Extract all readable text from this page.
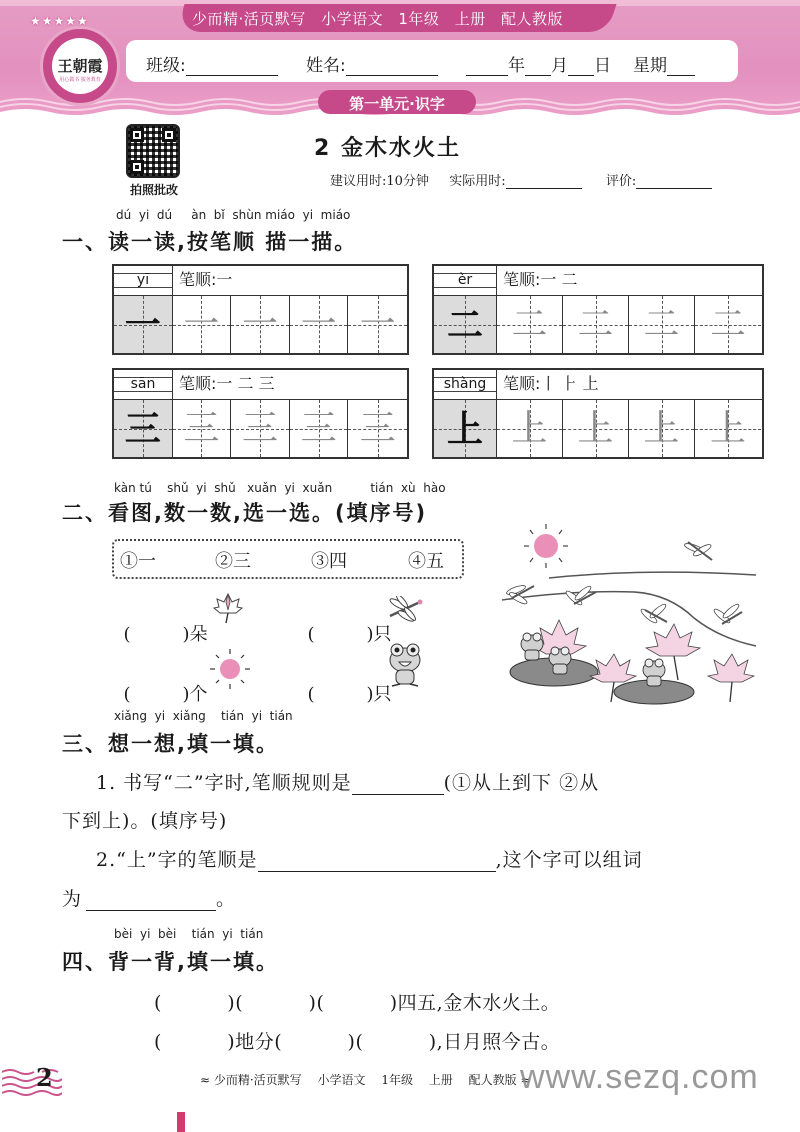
少而精·活页默写 小学语文 1年级 上册 配人教版
班级:	姓名:	年 月 日 星期
第一单元·识字
王朝霞
用心做书 服务教育
★★★★★
拍照批改
2 金木水火土
建议用时:10分钟 实际用时:	评价:
dú  yi  dú     àn  bǐ  shùn miáo  yi  miáo
一、读一读,按笔顺 描一描。
yī	笔顺:一
一 一 一 一 一
èr	笔顺:一 二
二 二 二 二 二
sān	笔顺:一 二 三
三 三 三 三 三
shàng	笔顺:丨 ⺊ 上
上 上 上 上 上
kàn tú    shǔ  yi  shǔ   xuǎn  yi  xuǎn          tián  xù  hào
二、看图,数一数,选一选。(填序号)
①一	②三	③四	④五

(	)朵	(	)只

(	)个	(	)只

xiǎng  yi  xiǎng    tián  yi  tián
三、想一想,填一填。
1. 书写“二”字时,笔顺规则是	(①从上到下 ②从
下到上)。(填序号)
2.“上”字的笔顺是	,这个字可以组词
为	。
bèi  yi  bèi    tián  yi  tián
四、背一背,填一填。
(          )(          )(          )四五,金木水火土。
(          )地分(          )(          ),日月照今古。
2	≈ 少而精·活页默写 小学语文 1年级 上册 配人教版 ≈
www.sezq.com
